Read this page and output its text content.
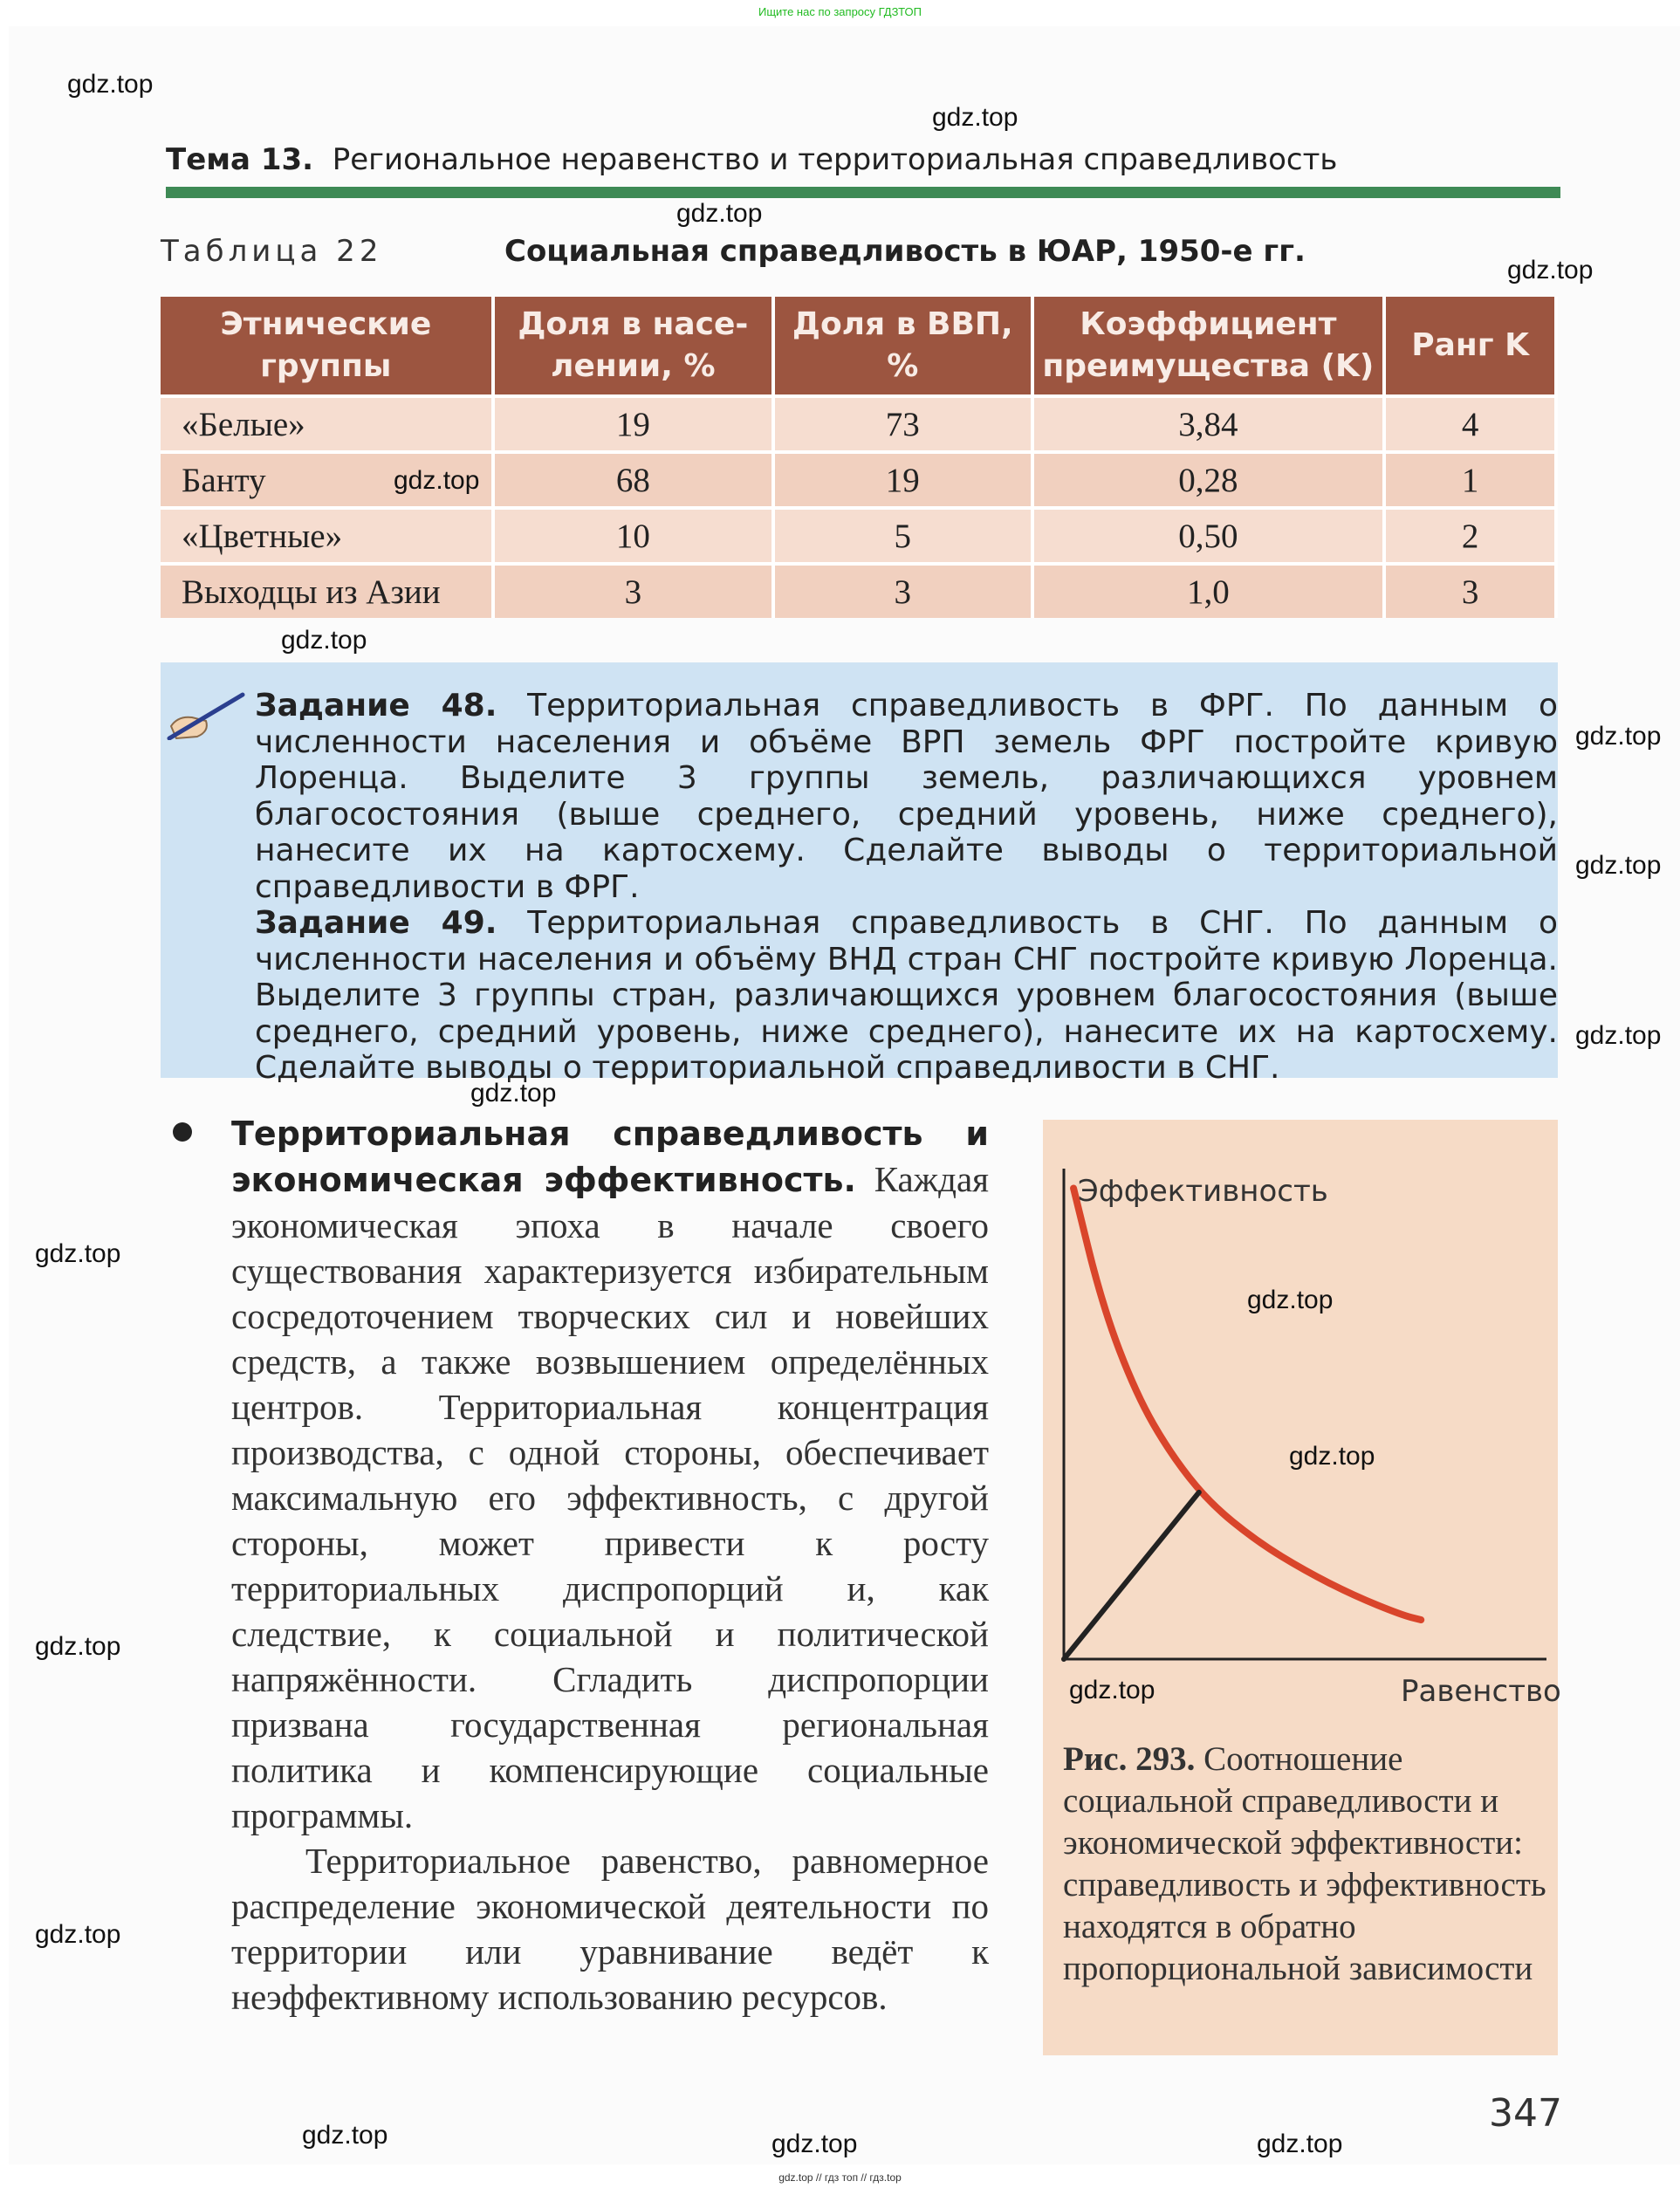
Ищите нас по запросу ГДЗТОП
Тема 13. Региональное неравенство и территориальная справедливость
Таблица 22	Социальная справедливость в ЮАР, 1950-е гг.
Этнические группы	Доля в насе-лении, %	Доля в ВВП, %	Коэффициент преимущества (K)	Ранг K
«Белые»	19	73	3,84	4
Банту	68	19	0,28	1
«Цветные»	10	5	0,50	2
Выходцы из Азии	3	3	1,0	3

Задание 48. Территориальная справедливость в ФРГ. По данным о численности населения и объёме ВРП земель ФРГ постройте кривую Лоренца. Выделите 3 группы земель, различающихся уровнем благосостояния (выше среднего, средний уровень, ниже среднего), нанесите их на картосхему. Сделайте выводы о территориальной справедливости в ФРГ.

Задание 49. Территориальная справедливость в СНГ. По данным о численности населения и объёму ВНД стран СНГ постройте кривую Лоренца. Выделите 3 группы стран, различающихся уровнем благосостояния (выше среднего, средний уровень, ниже среднего), нанесите их на картосхему. Сделайте выводы о территориальной справедливости в СНГ.

Территориальная справедливость и экономическая эффективность. Каждая экономическая эпоха в начале своего существования характеризуется избирательным сосредоточением творческих сил и новейших средств, а также возвышением определённых центров. Территориальная концентрация производства, с одной стороны, обеспечивает максимальную его эффективность, с другой стороны, может привести к росту территориальных диспропорций и, как следствие, к социальной и политической напряжённости. Сгладить диспропорции призвана государственная региональная политика и компенсирующие социальные программы.

Территориальное равенство, равномерное распределение экономической деятельности по территории или уравнивание ведёт к неэффективному использованию ресурсов.

Эффективность
Равенство
Рис. 293. Соотношение социальной справедливости и экономической эффективности: справедливость и эффективность находятся в обратно пропорциональной зависимости
347
gdz.top // гдз топ // гдз.top
gdz.top
gdz.top
gdz.top
gdz.top
gdz.top
gdz.top
gdz.top
gdz.top
gdz.top
gdz.top
gdz.top
gdz.top
gdz.top
gdz.top
gdz.top
gdz.top
gdz.top	gdz.top
gdz.top
